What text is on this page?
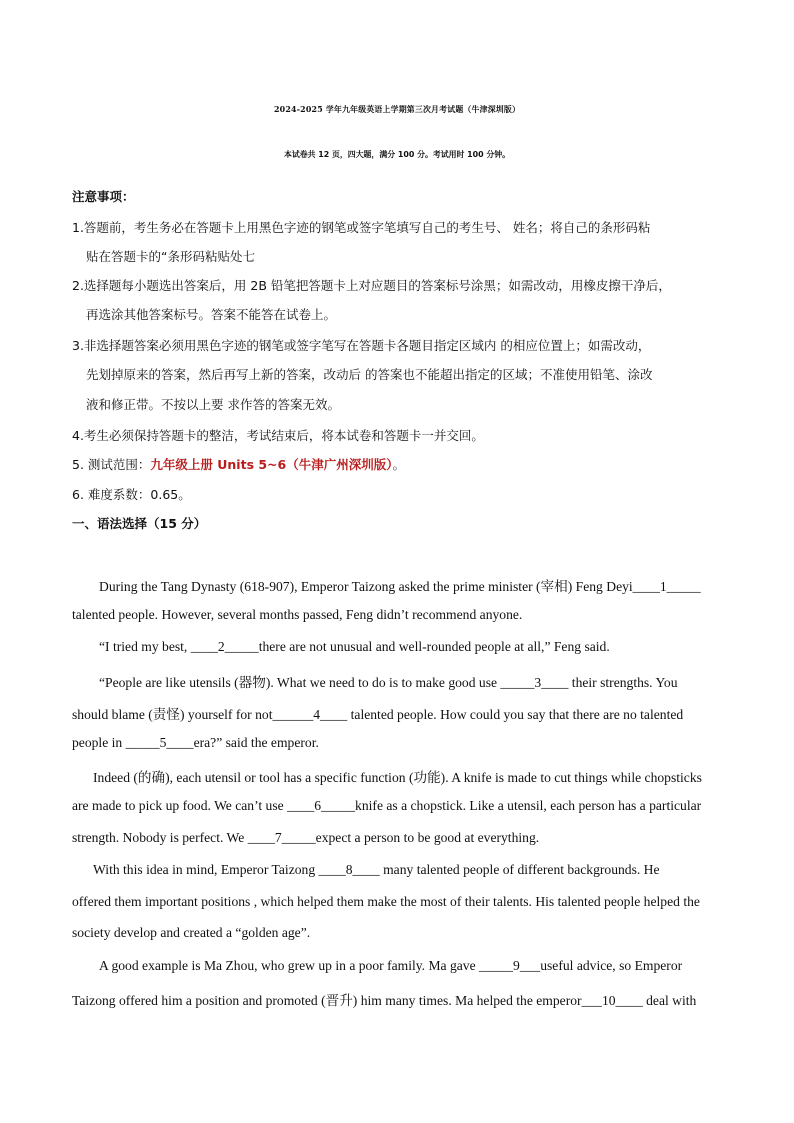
2024-2025 学年九年级英语上学期第三次月考试题（牛津深圳版）
本试卷共 12 页，四大题，满分 100 分。考试用时 100 分钟。
注意事项：
1.答题前，考生务必在答题卡上用黑色字迹的钢笔或签字笔填写自己的考生号、 姓名；将自己的条形码粘
贴在答题卡的“条形码粘贴处七
2.选择题每小题选出答案后，用 2B 铅笔把答题卡上对应题目的答案标号涂黑；如需改动，用橡皮擦干净后，
再选涂其他答案标号。答案不能答在试卷上。
3.非选择题答案必须用黑色字迹的钢笔或签字笔写在答题卡各题目指定区域内 的相应位置上；如需改动，
先划掉原来的答案，然后再写上新的答案，改动后 的答案也不能超出指定的区域；不准使用铅笔、涂改
液和修正带。不按以上要 求作答的答案无效。
4.考生必须保持答题卡的整洁，考试结束后，将本试卷和答题卡一并交回。
5. 测试范围：九年级上册 Units 5~6（牛津广州深圳版）。
6. 难度系数：0.65。
一、语法选择（15 分）
During the Tang Dynasty (618-907), Emperor Taizong asked the prime minister (宰相) Feng Deyi____1_____
talented people. However, several months passed, Feng didn’t recommend anyone.
“I tried my best, ____2_____there are not unusual and well-rounded people at all,” Feng said.
“People are like utensils (器物). What we need to do is to make good use _____3____ their strengths. You
should blame (责怪) yourself for not______4____ talented people. How could you say that there are no talented
people in _____5____era?” said the emperor.
Indeed (的确), each utensil or tool has a specific function (功能). A knife is made to cut things while chopsticks
are made to pick up food. We can’t use ____6_____knife as a chopstick. Like a utensil, each person has a particular
strength. Nobody is perfect. We ____7_____expect a person to be good at everything.
With this idea in mind, Emperor Taizong ____8____ many talented people of different backgrounds. He
offered them important positions , which helped them make the most of their talents. His talented people helped the
society develop and created a “golden age”.
A good example is Ma Zhou, who grew up in a poor family. Ma gave _____9___useful advice, so Emperor
Taizong offered him a position and promoted (晋升) him many times. Ma helped the emperor___10____ deal with
